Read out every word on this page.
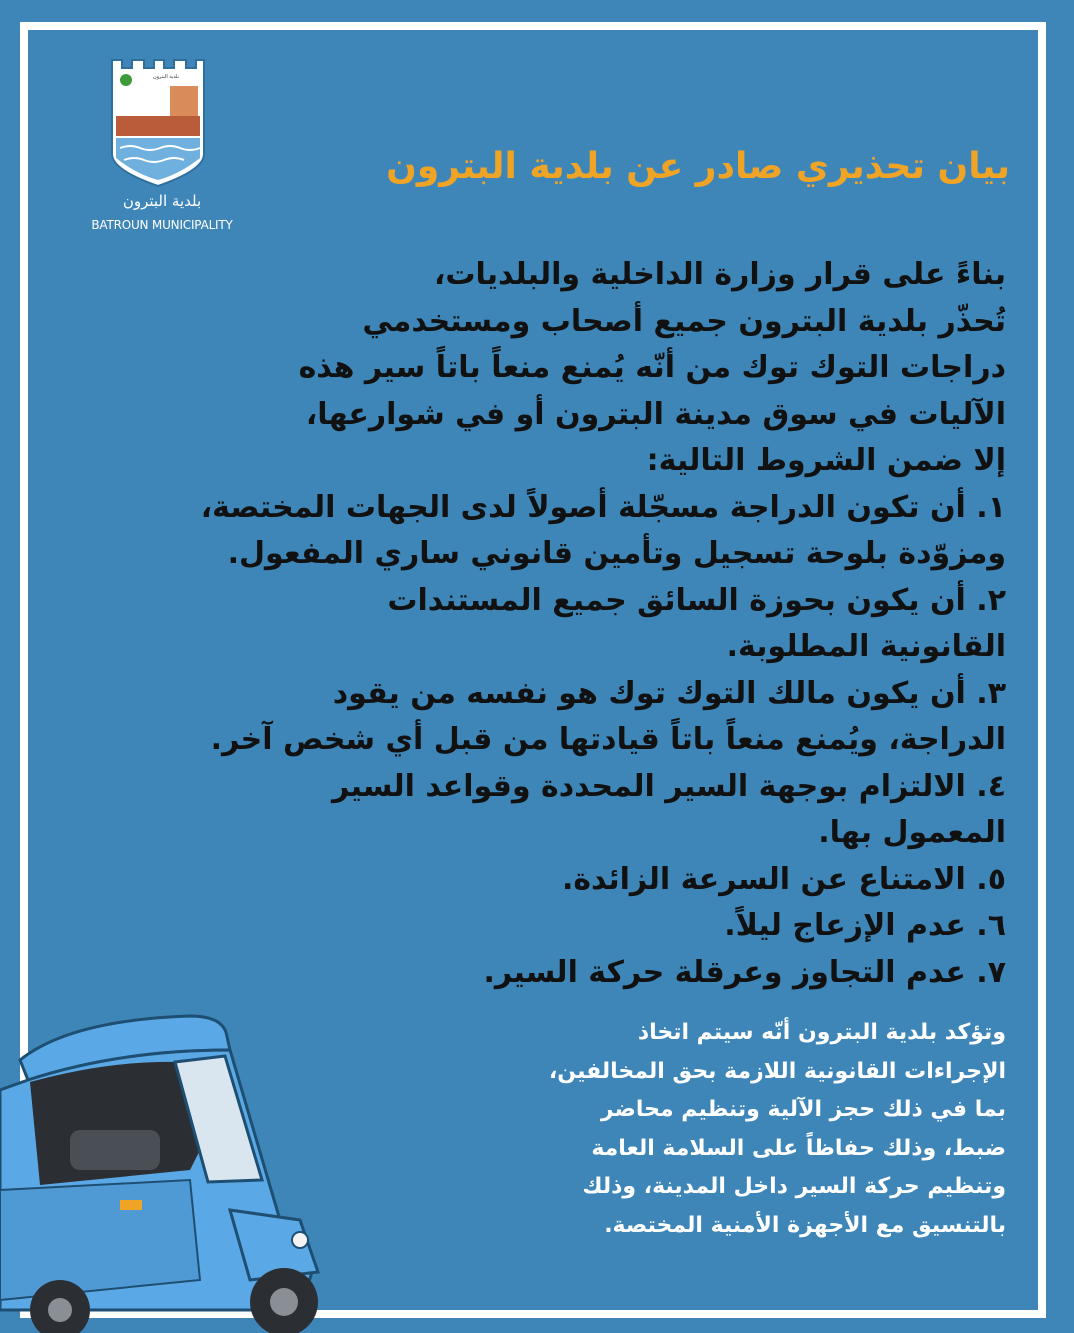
بلدية البترون
بلدية البترون
BATROUN MUNICIPALITY
بيان تحذيري صادر عن بلدية البترون

بناءً على قرار وزارة الداخلية والبلديات،

تُحذّر بلدية البترون جميع أصحاب ومستخدمي

دراجات التوك توك من أنّه يُمنع منعاً باتاً سير هذه

الآليات في سوق مدينة البترون أو في شوارعها،

إلا ضمن الشروط التالية:

١. أن تكون الدراجة مسجّلة أصولاً لدى الجهات المختصة،

ومزوّدة بلوحة تسجيل وتأمين قانوني ساري المفعول.

٢. أن يكون بحوزة السائق جميع المستندات

القانونية المطلوبة.

٣. أن يكون مالك التوك توك هو نفسه من يقود

الدراجة، ويُمنع منعاً باتاً قيادتها من قبل أي شخص آخر.

٤. الالتزام بوجهة السير المحددة وقواعد السير

المعمول بها.

٥. الامتناع عن السرعة الزائدة.

٦. عدم الإزعاج ليلاً.

٧. عدم التجاوز وعرقلة حركة السير.

وتؤكد بلدية البترون أنّه سيتم اتخاذ

الإجراءات القانونية اللازمة بحق المخالفين،

بما في ذلك حجز الآلية وتنظيم محاضر

ضبط، وذلك حفاظاً على السلامة العامة

وتنظيم حركة السير داخل المدينة، وذلك

بالتنسيق مع الأجهزة الأمنية المختصة.
